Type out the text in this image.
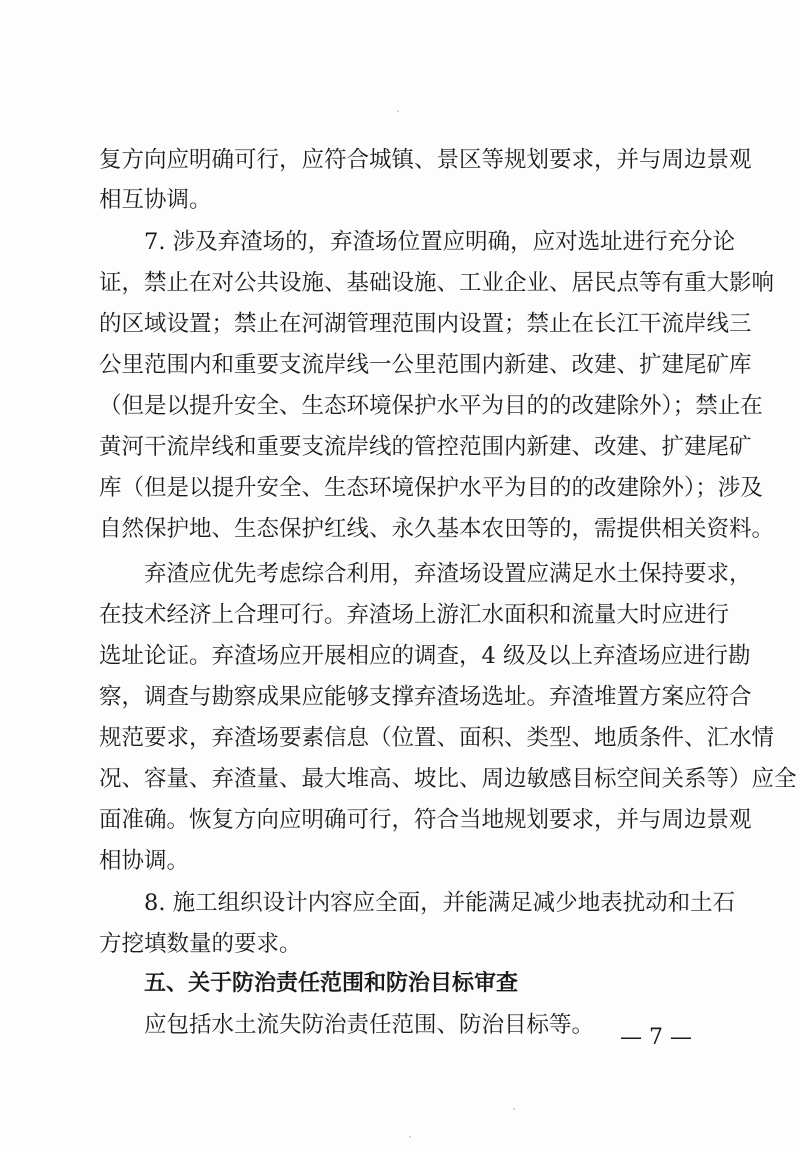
复方向应明确可行，应符合城镇、景区等规划要求，并与周边景观
相互协调。
7. 涉及弃渣场的，弃渣场位置应明确，应对选址进行充分论
证，禁止在对公共设施、基础设施、工业企业、居民点等有重大影响
的区域设置；禁止在河湖管理范围内设置；禁止在长江干流岸线三
公里范围内和重要支流岸线一公里范围内新建、改建、扩建尾矿库
（但是以提升安全、生态环境保护水平为目的的改建除外）；禁止在
黄河干流岸线和重要支流岸线的管控范围内新建、改建、扩建尾矿
库（但是以提升安全、生态环境保护水平为目的的改建除外）；涉及
自然保护地、生态保护红线、永久基本农田等的，需提供相关资料。
弃渣应优先考虑综合利用，弃渣场设置应满足水土保持要求，
在技术经济上合理可行。弃渣场上游汇水面积和流量大时应进行
选址论证。弃渣场应开展相应的调查，4 级及以上弃渣场应进行勘
察，调查与勘察成果应能够支撑弃渣场选址。弃渣堆置方案应符合
规范要求，弃渣场要素信息（位置、面积、类型、地质条件、汇水情
况、容量、弃渣量、最大堆高、坡比、周边敏感目标空间关系等）应全
面准确。恢复方向应明确可行，符合当地规划要求，并与周边景观
相协调。
8. 施工组织设计内容应全面，并能满足减少地表扰动和土石
方挖填数量的要求。
五、关于防治责任范围和防治目标审查
应包括水土流失防治责任范围、防治目标等。	— 7 —
